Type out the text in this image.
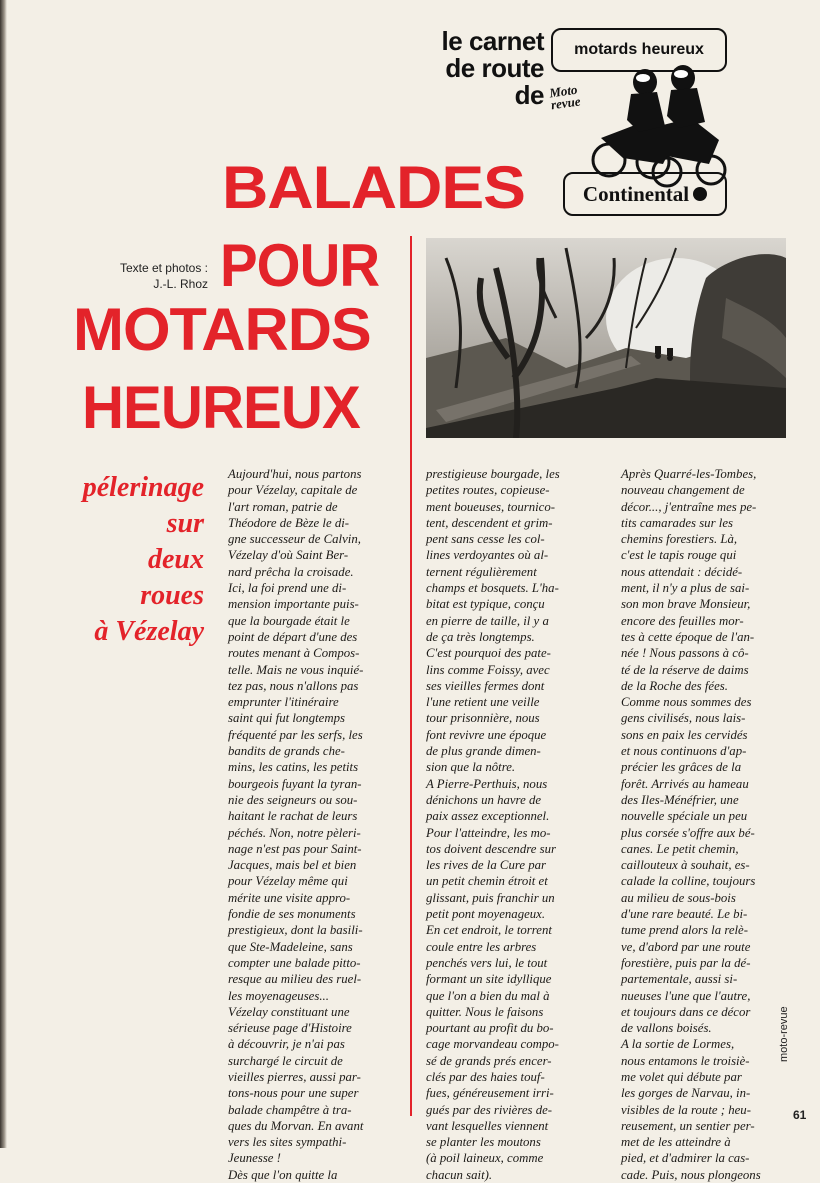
le carnet
de route
de
motards heureux
Moto revue
Continental
BALADES
POUR
MOTARDS
HEUREUX
Texte et photos :
J.-L. Rhoz
pélerinage
sur
deux
roues
à Vézelay
Aujourd'hui, nous partons
pour Vézelay, capitale de
l'art roman, patrie de
Théodore de Bèze le di-
gne successeur de Calvin,
Vézelay d'où Saint Ber-
nard prêcha la croisade.
Ici, la foi prend une di-
mension importante puis-
que la bourgade était le
point de départ d'une des
routes menant à Compos-
telle. Mais ne vous inquié-
tez pas, nous n'allons pas
emprunter l'itinéraire
saint qui fut longtemps
fréquenté par les serfs, les
bandits de grands che-
mins, les catins, les petits
bourgeois fuyant la tyran-
nie des seigneurs ou sou-
haitant le rachat de leurs
péchés. Non, notre pèleri-
nage n'est pas pour Saint-
Jacques, mais bel et bien
pour Vézelay même qui
mérite une visite appro-
fondie de ses monuments
prestigieux, dont la basili-
que Ste-Madeleine, sans
compter une balade pitto-
resque au milieu des ruel-
les moyenageuses...
Vézelay constituant une
sérieuse page d'Histoire
à découvrir, je n'ai pas
surchargé le circuit de
vieilles pierres, aussi par-
tons-nous pour une super
balade champêtre à tra-
ques du Morvan. En avant
vers les sites sympathi-
Jeunesse !
Dès que l'on quitte la
prestigieuse bourgade, les
petites routes, copieuse-
ment boueuses, tournico-
tent, descendent et grim-
pent sans cesse les col-
lines verdoyantes où al-
ternent régulièrement
champs et bosquets. L'ha-
bitat est typique, conçu
en pierre de taille, il y a
de ça très longtemps.
C'est pourquoi des pate-
lins comme Foissy, avec
ses vieilles fermes dont
l'une retient une veille
tour prisonnière, nous
font revivre une époque
de plus grande dimen-
sion que la nôtre.
A Pierre-Perthuis, nous
dénichons un havre de
paix assez exceptionnel.
Pour l'atteindre, les mo-
tos doivent descendre sur
les rives de la Cure par
un petit chemin étroit et
glissant, puis franchir un
petit pont moyenageux.
En cet endroit, le torrent
coule entre les arbres
penchés vers lui, le tout
formant un site idyllique
que l'on a bien du mal à
quitter. Nous le faisons
pourtant au profit du bo-
cage morvandeau compo-
sé de grands prés encer-
clés par des haies touf-
fues, généreusement irri-
gués par des rivières de-
vant lesquelles viennent
se planter les moutons
(à poil laineux, comme
chacun sait).
Après Quarré-les-Tombes,
nouveau changement de
décor..., j'entraîne mes pe-
tits camarades sur les
chemins forestiers. Là,
c'est le tapis rouge qui
nous attendait : décidé-
ment, il n'y a plus de sai-
son mon brave Monsieur,
encore des feuilles mor-
tes à cette époque de l'an-
née ! Nous passons à cô-
té de la réserve de daims
de la Roche des fées.
Comme nous sommes des
gens civilisés, nous lais-
sons en paix les cervidés
et nous continuons d'ap-
précier les grâces de la
forêt. Arrivés au hameau
des Iles-Ménéfrier, une
nouvelle spéciale un peu
plus corsée s'offre aux bé-
canes. Le petit chemin,
caillouteux à souhait, es-
calade la colline, toujours
au milieu de sous-bois
d'une rare beauté. Le bi-
tume prend alors la relè-
ve, d'abord par une route
forestière, puis par la dé-
partementale, aussi si-
nueuses l'une que l'autre,
et toujours dans ce décor
de vallons boisés.
A la sortie de Lormes,
nous entamons le troisiè-
me volet qui débute par
les gorges de Narvau, in-
visibles de la route ; heu-
reusement, un sentier per-
met de les atteindre à
pied, et d'admirer la cas-
cade. Puis, nous plongeons
moto-revue
61
